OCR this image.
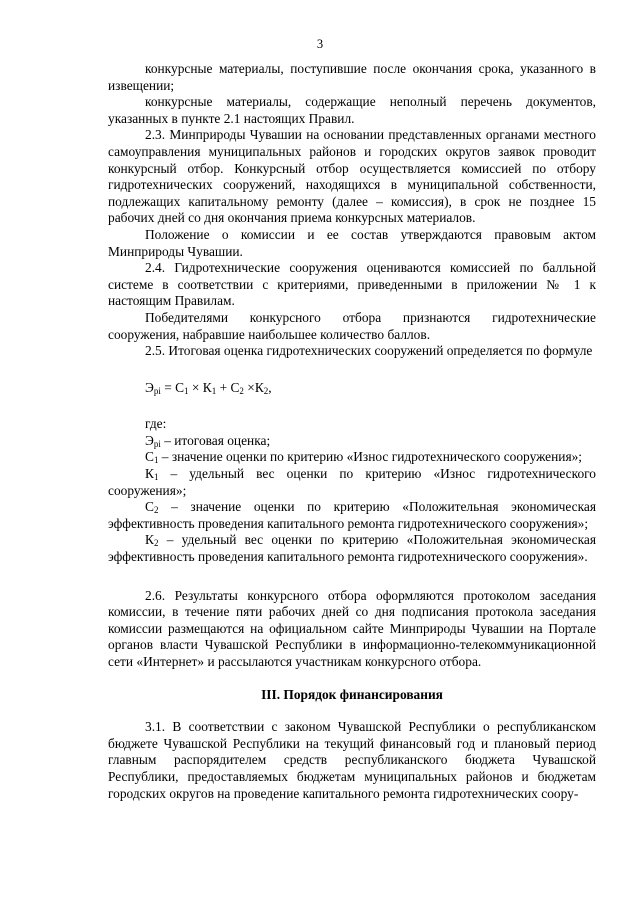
3

конкурсные материалы, поступившие после окончания срока, указанного в извещении;

конкурсные материалы, содержащие неполный перечень документов, указанных в пункте 2.1 настоящих Правил.

2.3. Минприроды Чувашии на основании представленных органами местного самоуправления муниципальных районов и городских округов заявок проводит конкурсный отбор. Конкурсный отбор осуществляется комиссией по отбору гидротехнических сооружений, находящихся в муниципальной собственности, подлежащих капитальному ремонту (далее – комиссия), в срок не позднее 15 рабочих дней со дня окончания приема конкурсных материалов.

Положение о комиссии и ее состав утверждаются правовым актом Минприроды Чувашии.

2.4. Гидротехнические сооружения оцениваются комиссией по балльной системе в соответствии с критериями, приведенными в приложении № 1 к настоящим Правилам.

Победителями конкурсного отбора признаются гидротехнические сооружения, набравшие наибольшее количество баллов.

2.5. Итоговая оценка гидротехнических сооружений определяется по формуле

$Э_{рi} = С_1 \times К_1 + С_2 \times К_2$,

где:

$Э_{рi}$ – итоговая оценка;

$С_1$ – значение оценки по критерию «Износ гидротехнического сооружения»;

$К_1$ – удельный вес оценки по критерию «Износ гидротехнического сооружения»;

$С_2$ – значение оценки по критерию «Положительная экономическая эффективность проведения капитального ремонта гидротехнического сооружения»;

$К_2$ – удельный вес оценки по критерию «Положительная экономическая эффективность проведения капитального ремонта гидротехнического сооружения».

2.6. Результаты конкурсного отбора оформляются протоколом заседания комиссии, в течение пяти рабочих дней со дня подписания протокола заседания комиссии размещаются на официальном сайте Минприроды Чувашии на Портале органов власти Чувашской Республики в информационно-телекоммуникационной сети «Интернет» и рассылаются участникам конкурсного отбора.

III. Порядок финансирования

3.1. В соответствии с законом Чувашской Республики о республиканском бюджете Чувашской Республики на текущий финансовый год и плановый период главным распорядителем средств республиканского бюджета Чувашской Республики, предоставляемых бюджетам муниципальных районов и бюджетам городских округов на проведение капитального ремонта гидротехнических соору-
